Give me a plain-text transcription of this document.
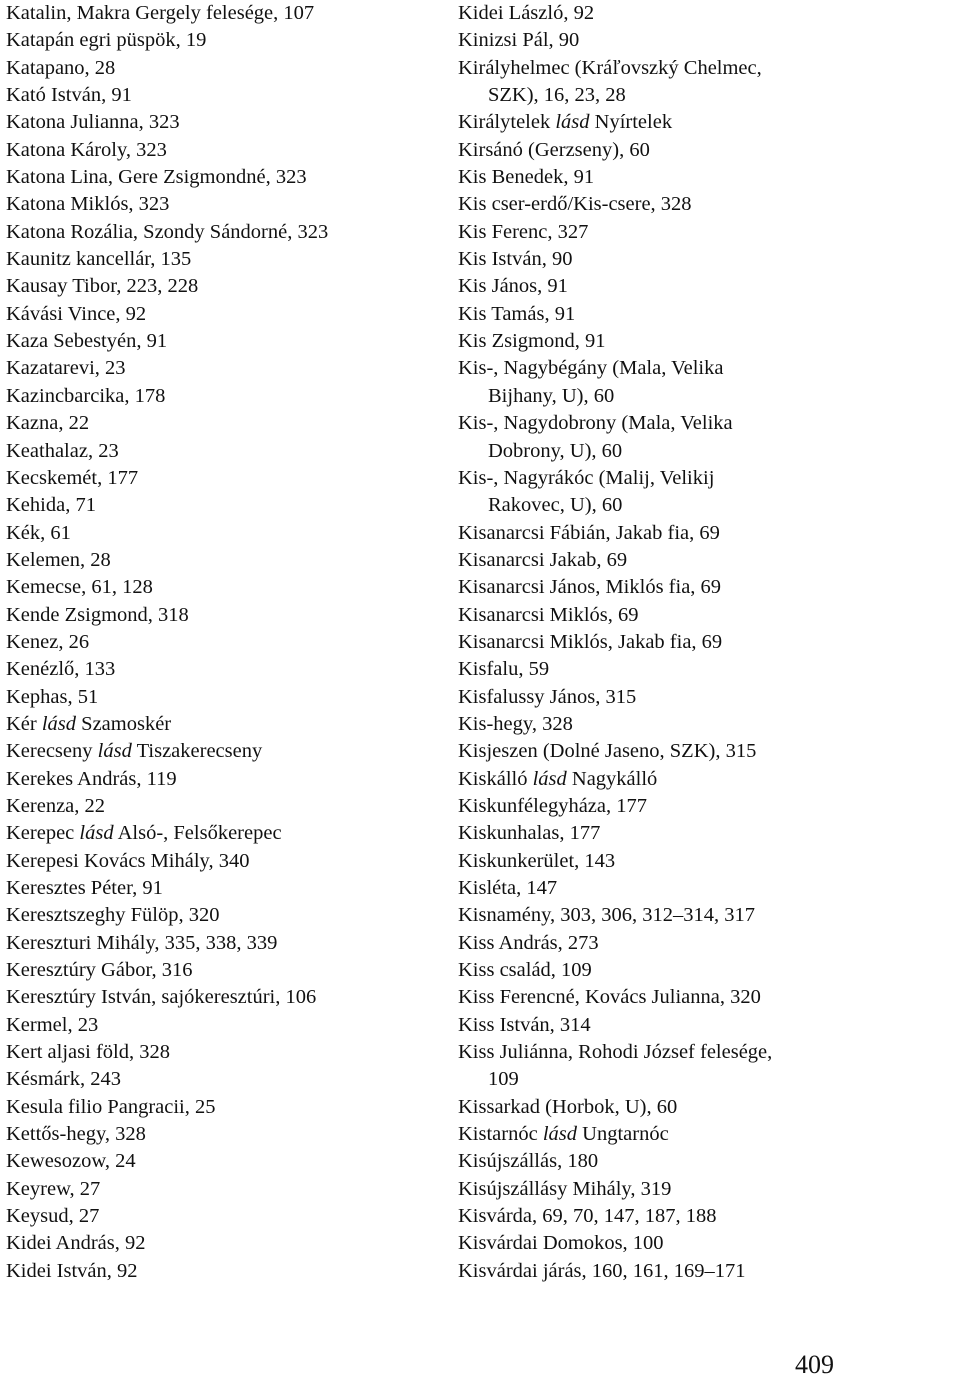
Katalin, Makra Gergely felesége, 107
Katapán egri püspök, 19
Katapano, 28
Kató István, 91
Katona Julianna, 323
Katona Károly, 323
Katona Lina, Gere Zsigmondné, 323
Katona Miklós, 323
Katona Rozália, Szondy Sándorné, 323
Kaunitz kancellár, 135
Kausay Tibor, 223, 228
Kávási Vince, 92
Kaza Sebestyén, 91
Kazatarevi, 23
Kazincbarcika, 178
Kazna, 22
Keathalaz, 23
Kecskemét, 177
Kehida, 71
Kék, 61
Kelemen, 28
Kemecse, 61, 128
Kende Zsigmond, 318
Kenez, 26
Kenézlő, 133
Kephas, 51
Kér lásd Szamoskér
Kerecseny lásd Tiszakerecseny
Kerekes András, 119
Kerenza, 22
Kerepec lásd Alsó-, Felsőkerepec
Kerepesi Kovács Mihály, 340
Keresztes Péter, 91
Keresztszeghy Fülöp, 320
Kereszturi Mihály, 335, 338, 339
Keresztúry Gábor, 316
Keresztúry István, sajókeresztúri, 106
Kermel, 23
Kert aljasi föld, 328
Késmárk, 243
Kesula filio Pangracii, 25
Kettős-hegy, 328
Kewesozow, 24
Keyrew, 27
Keysud, 27
Kidei András, 92
Kidei István, 92
Kidei László, 92
Kinizsi Pál, 90
Királyhelmec (Kráľovszký Chelmec,
SZK), 16, 23, 28
Királytelek lásd Nyírtelek
Kirsánó (Gerzseny), 60
Kis Benedek, 91
Kis cser-erdő/Kis-csere, 328
Kis Ferenc, 327
Kis István, 90
Kis János, 91
Kis Tamás, 91
Kis Zsigmond, 91
Kis-, Nagybégány (Mala, Velika
Bijhany, U), 60
Kis-, Nagydobrony (Mala, Velika
Dobrony, U), 60
Kis-, Nagyrákóc (Malij, Velikij
Rakovec, U), 60
Kisanarcsi Fábián, Jakab fia, 69
Kisanarcsi Jakab, 69
Kisanarcsi János, Miklós fia, 69
Kisanarcsi Miklós, 69
Kisanarcsi Miklós, Jakab fia, 69
Kisfalu, 59
Kisfalussy János, 315
Kis-hegy, 328
Kisjeszen (Dolné Jaseno, SZK), 315
Kiskálló lásd Nagykálló
Kiskunfélegyháza, 177
Kiskunhalas, 177
Kiskunkerület, 143
Kisléta, 147
Kisnamény, 303, 306, 312–314, 317
Kiss András, 273
Kiss család, 109
Kiss Ferencné, Kovács Julianna, 320
Kiss István, 314
Kiss Juliánna, Rohodi József felesége,
109
Kissarkad (Horbok, U), 60
Kistarnóc lásd Ungtarnóc
Kisújszállás, 180
Kisújszállásy Mihály, 319
Kisvárda, 69, 70, 147, 187, 188
Kisvárdai Domokos, 100
Kisvárdai járás, 160, 161, 169–171
409
